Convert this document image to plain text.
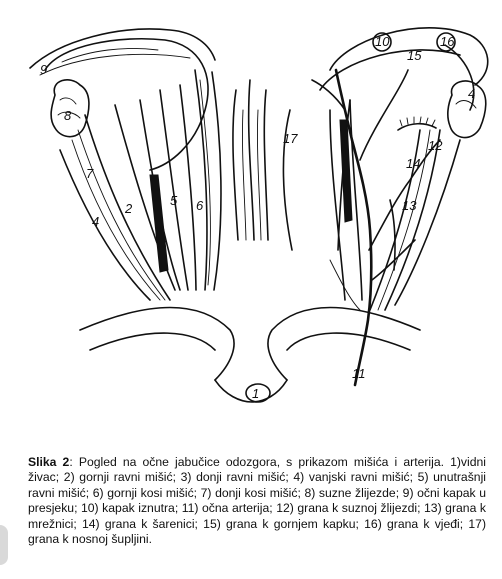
1
2
3
4
5 6
7
8
9
10
11
12
13
14
15
16
17
4
Slika 2: Pogled na očne jabučice odozgora, s prikazom mišića i arterija. 1)vidni živac; 2) gornji ravni mišić; 3) donji ravni mišić; 4) vanjski ravni mišić; 5) unutrašnji ravni mišić; 6) gornji kosi mišić; 7) donji kosi mišić; 8) suzne žlijezde; 9) očni kapak u presjeku; 10) kapak iznutra; 11) očna arterija; 12) grana k suznoj žlijezdi; 13) grana k mrežnici; 14) grana k šarenici; 15) grana k gornjem kapku; 16) grana k vjeđi; 17) grana k nosnoj šupljini.
